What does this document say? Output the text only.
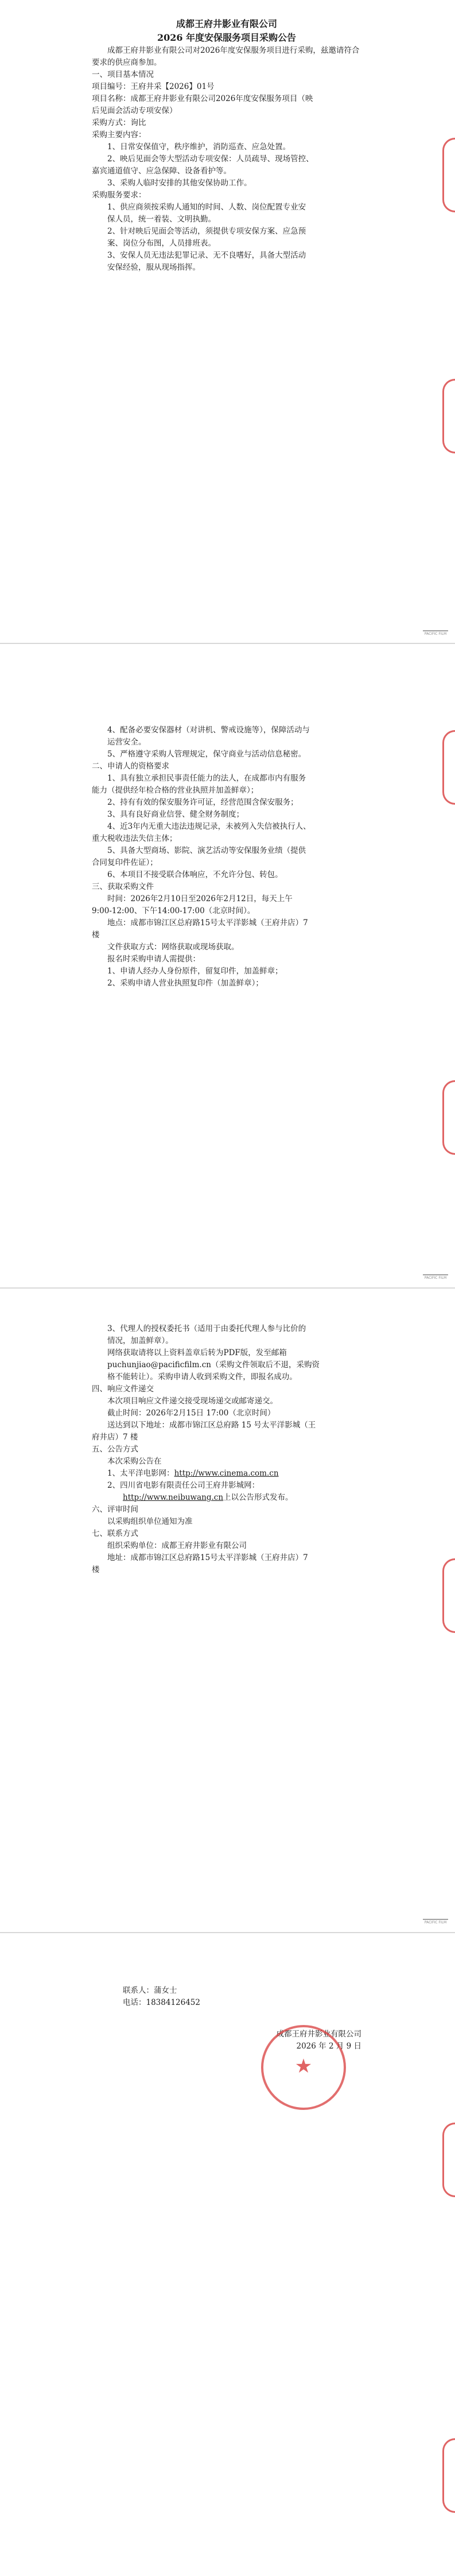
成都王府井影业有限公司

2026 年度安保服务项目采购公告

成都王府井影业有限公司对2026年度安保服务项目进行采购，兹邀请符合要求的供应商参加。

一、项目基本情况

项目编号：王府井采【2026】01号

项目名称：成都王府井影业有限公司2026年度安保服务项目（映

后见面会活动专项安保）

采购方式：询比

采购主要内容：

1、日常安保值守，秩序维护，消防巡查、应急处置。

2、映后见面会等大型活动专项安保：人员疏导、现场管控、

嘉宾通道值守、应急保障、设备看护等。

3、采购人临时安排的其他安保协助工作。

采购服务要求：

1、供应商须按采购人通知的时间、人数、岗位配置专业安

保人员，统一着装、文明执勤。

2、针对映后见面会等活动，须提供专项安保方案、应急预

案、岗位分布图，人员排班表。

3、安保人员无违法犯罪记录、无不良嗜好，具备大型活动

安保经验，服从现场指挥。

PACIFIC FILM

4、配备必要安保器材（对讲机、警戒设施等），保障活动与

运营安全。

5、严格遵守采购人管理规定，保守商业与活动信息秘密。

二、申请人的资格要求

1、具有独立承担民事责任能力的法人，在成都市内有服务

能力（提供经年检合格的营业执照并加盖鲜章）；

2、持有有效的保安服务许可证，经营范围含保安服务；

3、具有良好商业信誉、健全财务制度；

4、近3年内无重大违法违规记录，未被列入失信被执行人、

重大税收违法失信主体；

5、具备大型商场、影院、演艺活动等安保服务业绩（提供

合同复印件佐证）；

6、本项目不接受联合体响应，不允许分包、转包。

三、获取采购文件

时间：2026年2月10日至2026年2月12日，每天上午

9:00-12:00、下午14:00-17:00（北京时间）。

地点：成都市锦江区总府路15号太平洋影城（王府井店）7

楼

文件获取方式：网络获取或现场获取。

报名时采购申请人需提供：

1、申请人经办人身份原件，留复印件，加盖鲜章；

2、采购申请人营业执照复印件（加盖鲜章）；

PACIFIC FILM

3、代理人的授权委托书（适用于由委托代理人参与比价的

情况，加盖鲜章）。

网络获取请将以上资料盖章后转为PDF版，发至邮箱

puchunjiao@pacificfilm.cn（采购文件领取后不退，采购资

格不能转让）。采购申请人收到采购文件，即报名成功。

四、响应文件递交

本次项目响应文件递交接受现场递交或邮寄递交。

截止时间：2026年2月15日 17:00（北京时间）

送达到以下地址：成都市锦江区总府路 15 号太平洋影城（王

府井店）7 楼

五、公告方式

本次采购公告在

1、太平洋电影网：http://www.cinema.com.cn

2、四川省电影有限责任公司王府井影城网：

http://www.neibuwang.cn上以公告形式发布。

六、评审时间

以采购组织单位通知为准

七、联系方式

组织采购单位：成都王府井影业有限公司

地址：成都市锦江区总府路15号太平洋影城（王府井店）7

楼

PACIFIC FILM

联系人：蒲女士

电话：18384126452

成都王府井影业有限公司

2026 年 2 月 9 日

★
